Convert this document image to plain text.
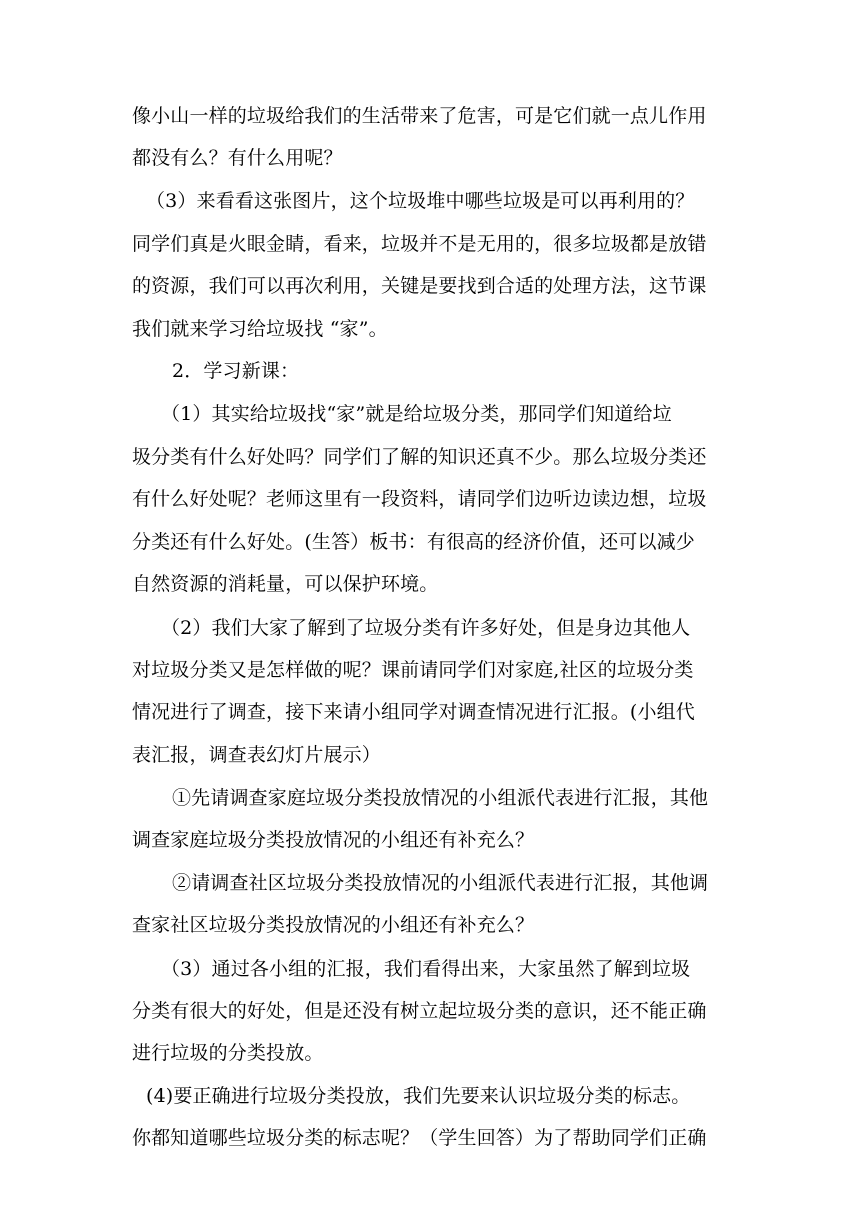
像小山一样的垃圾给我们的生活带来了危害，可是它们就一点儿作用
都没有么？有什么用呢？
（3）来看看这张图片，这个垃圾堆中哪些垃圾是可以再利用的？
同学们真是火眼金睛，看来，垃圾并不是无用的，很多垃圾都是放错
的资源，我们可以再次利用，关键是要找到合适的处理方法，这节课
我们就来学习给垃圾找 “家”。
2．学习新课：
（1）其实给垃圾找“家”就是给垃圾分类，那同学们知道给垃
圾分类有什么好处吗？同学们了解的知识还真不少。那么垃圾分类还
有什么好处呢？老师这里有一段资料，请同学们边听边读边想，垃圾
分类还有什么好处。(生答）板书：有很高的经济价值，还可以减少
自然资源的消耗量，可以保护环境。
（2）我们大家了解到了垃圾分类有许多好处，但是身边其他人
对垃圾分类又是怎样做的呢？课前请同学们对家庭,社区的垃圾分类
情况进行了调查，接下来请小组同学对调查情况进行汇报。(小组代
表汇报，调查表幻灯片展示）
①先请调查家庭垃圾分类投放情况的小组派代表进行汇报，其他
调查家庭垃圾分类投放情况的小组还有补充么？
②请调查社区垃圾分类投放情况的小组派代表进行汇报，其他调
查家社区垃圾分类投放情况的小组还有补充么？
（3）通过各小组的汇报，我们看得出来，大家虽然了解到垃圾
分类有很大的好处，但是还没有树立起垃圾分类的意识，还不能正确
进行垃圾的分类投放。
(4)要正确进行垃圾分类投放，我们先要来认识垃圾分类的标志。
你都知道哪些垃圾分类的标志呢？（学生回答）为了帮助同学们正确
